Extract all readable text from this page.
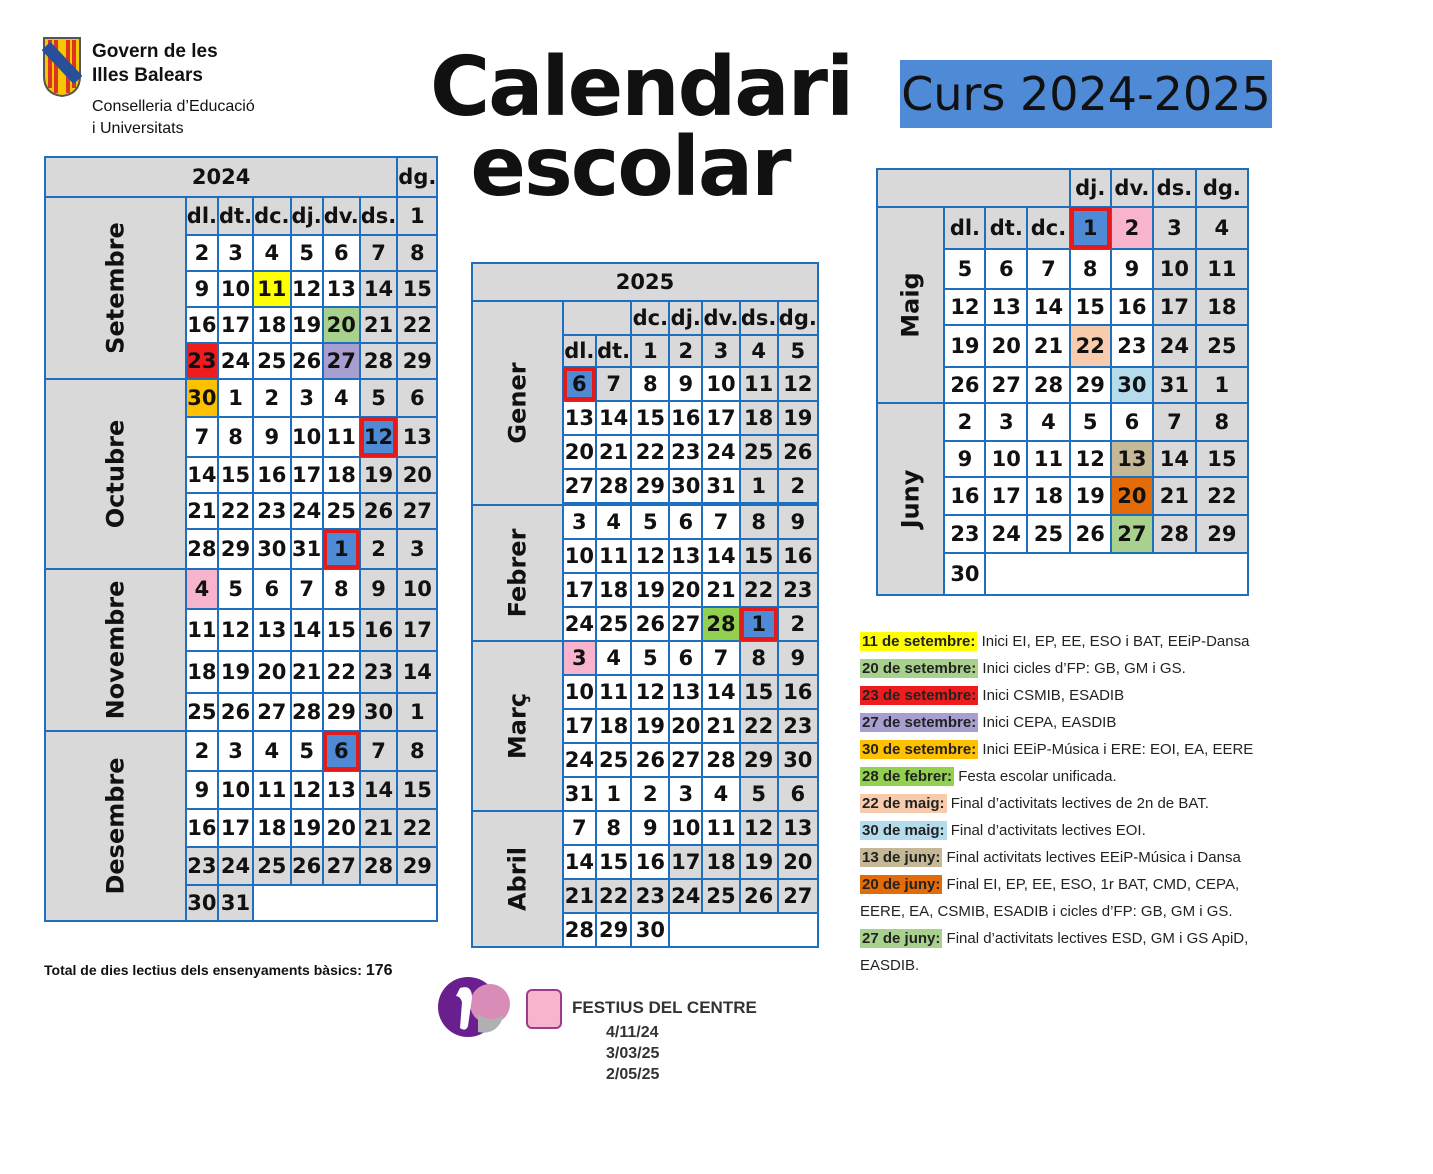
Govern de les
Illes Balears
Conselleria d’Educació
i Universitats	Calendari
escolar
Curs 2024-2025
2024							dg.

Setembre	dl.	dt.	dc.	dj.	dv.	ds.	1
	2	3	4	5	6	7	8
	9	10	11	12	13	14	15
	16	17	18	19	20	21	22
	23	24	25	26	27	28	29

Octubre	30	1	2	3	4	5	6
	7	8	9	10	11	12	13
	14	15	16	17	18	19	20
	21	22	23	24	25	26	27
	28	29	30	31	1	2	3

Novembre	4	5	6	7	8	9	10
	11	12	13	14	15	16	17
	18	19	20	21	22	23	14
	25	26	27	28	29	30	1

Desembre	2	3	4	5	6	7	8
	9	10	11	12	13	14	15
	16	17	18	19	20	21	22
	23	24	25	26	27	28	29
	30	31					
2025							

Gener			dc.	dj.	dv.	ds.	dg.
	dl.	dt.	1	2	3	4	5
	6	7	8	9	10	11	12
	13	14	15	16	17	18	19
	20	21	22	23	24	25	26
	27	28	29	30	31	1	2

Febrer	3	4	5	6	7	8	9
	10	11	12	13	14	15	16
	17	18	19	20	21	22	23
	24	25	26	27	28	1	2

Març	3	4	5	6	7	8	9
	10	11	12	13	14	15	16
	17	18	19	20	21	22	23
	24	25	26	27	28	29	30
	31	1	2	3	4	5	6

Abril	7	8	9	10	11	12	13
	14	15	16	17	18	19	20
	21	22	23	24	25	26	27
	28	29	30				
				dj.	dv.	ds.	dg.

Maig	dl.	dt.	dc.	1	2	3	4
	5	6	7	8	9	10	11
	12	13	14	15	16	17	18
	19	20	21	22	23	24	25
	26	27	28	29	30	31	1

Juny	2	3	4	5	6	7	8
	9	10	11	12	13	14	15
	16	17	18	19	20	21	22
	23	24	25	26	27	28	29
	30						
11 de setembre: Inici EI, EP, EE, ESO i BAT, EEiP-Dansa
20 de setembre: Inici cicles d’FP: GB, GM i GS.
23 de setembre: Inici CSMIB, ESADIB
27 de setembre: Inici CEPA, EASDIB
30 de setembre: Inici EEiP-Música i ERE: EOI, EA, EERE
28 de febrer: Festa escolar unificada.
22 de maig: Final d’activitats lectives de 2n de BAT.
30 de maig: Final d’activitats lectives EOI.
13 de juny: Final activitats lectives EEiP-Música i Dansa
20 de juny: Final EI, EP, EE, ESO, 1r BAT, CMD, CEPA,
EERE, EA, CSMIB, ESADIB i cicles d’FP: GB, GM i GS.
27 de juny: Final d’activitats lectives ESD, GM i GS ApiD,
EASDIB.
Total de dies lectius dels ensenyaments bàsics: 176
FESTIUS DEL CENTRE
4/11/24
3/03/25
2/05/25
